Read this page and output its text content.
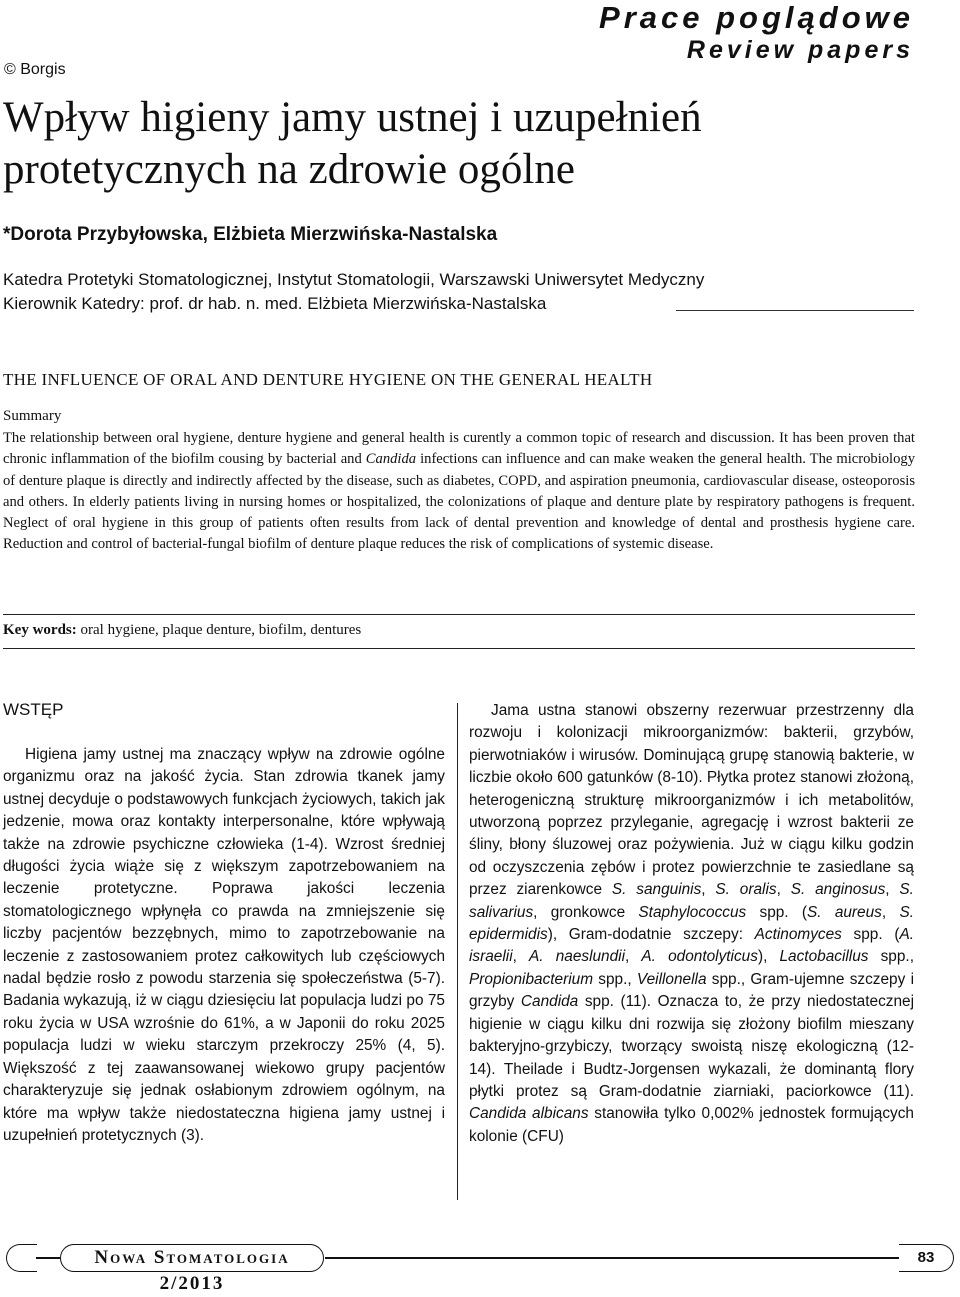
Prace poglądowe
Review papers
© Borgis
Wpływ higieny jamy ustnej i uzupełnień
protetycznych na zdrowie ogólne
*Dorota Przybyłowska, Elżbieta Mierzwińska-Nastalska
Katedra Protetyki Stomatologicznej, Instytut Stomatologii, Warszawski Uniwersytet Medyczny
Kierownik Katedry: prof. dr hab. n. med. Elżbieta Mierzwińska-Nastalska
THE INFLUENCE OF ORAL AND DENTURE HYGIENE ON THE GENERAL HEALTH
Summary

The relationship between oral hygiene, denture hygiene and general health is curently a common topic of research and discussion. It has been proven that chronic inflammation of the biofilm cousing by bacterial and Candida infections can influence and can make weaken the general health. The microbiology of denture plaque is directly and indirectly affected by the disease, such as diabetes, COPD, and aspiration pneumonia, cardiovascular disease, osteoporosis and others. In elderly patients living in nursing homes or hospitalized, the colonizations of plaque and denture plate by respiratory pathogens is frequent. Neglect of oral hygiene in this group of patients often results from lack of dental prevention and knowledge of dental and prosthesis hygiene care. Reduction and control of bacterial-fungal biofilm of denture plaque reduces the risk of complications of systemic disease.

Key words: oral hygiene, plaque denture, biofilm, dentures
WSTĘP

Higiena jamy ustnej ma znaczący wpływ na zdrowie ogólne organizmu oraz na jakość życia. Stan zdrowia tkanek jamy ustnej decyduje o podstawowych funkcjach życiowych, takich jak jedzenie, mowa oraz kontakty interpersonalne, które wpływają także na zdrowie psychiczne człowieka (1-4). Wzrost średniej długości życia wiąże się z większym zapotrzebowaniem na leczenie protetyczne. Poprawa jakości leczenia stomatologicznego wpłynęła co prawda na zmniejszenie się liczby pacjentów bezzębnych, mimo to zapotrzebowanie na leczenie z zastosowaniem protez całkowitych lub częściowych nadal będzie rosło z powodu starzenia się społeczeństwa (5-7). Badania wykazują, iż w ciągu dziesięciu lat populacja ludzi po 75 roku życia w USA wzrośnie do 61%, a w Japonii do roku 2025 populacja ludzi w wieku starczym przekroczy 25% (4, 5). Większość z tej zaawansowanej wiekowo grupy pacjentów charakteryzuje się jednak osłabionym zdrowiem ogólnym, na które ma wpływ także niedostateczna higiena jamy ustnej i uzupełnień protetycznych (3).

Jama ustna stanowi obszerny rezerwuar przestrzenny dla rozwoju i kolonizacji mikroorganizmów: bakterii, grzybów, pierwotniaków i wirusów. Dominującą grupę stanowią bakterie, w liczbie około 600 gatunków (8-10). Płytka protez stanowi złożoną, heterogeniczną strukturę mikroorganizmów i ich metabolitów, utworzoną poprzez przyleganie, agregację i wzrost bakterii ze śliny, błony śluzowej oraz pożywienia. Już w ciągu kilku godzin od oczyszczenia zębów i protez powierzchnie te zasiedlane są przez ziarenkowce S. sanguinis, S. oralis, S. anginosus, S. salivarius, gronkowce Staphylococcus spp. (S. aureus, S. epidermidis), Gram-dodatnie szczepy: Actinomyces spp. (A. israelii, A. naeslundii, A. odontolyticus), Lactobacillus spp., Propionibacterium spp., Veillonella spp., Gram-ujemne szczepy i grzyby Candida spp. (11). Oznacza to, że przy niedostatecznej higienie w ciągu kilku dni rozwija się złożony biofilm mieszany bakteryjno-grzybiczy, tworzący swoistą niszę ekologiczną (12-14). Theilade i Budtz-Jorgensen wykazali, że dominantą flory płytki protez są Gram-dodatnie ziarniaki, paciorkowce (11). Candida albicans stanowiła tylko 0,002% jednostek formujących kolonie (CFU)

Nowa Stomatologia 2/2013
83
